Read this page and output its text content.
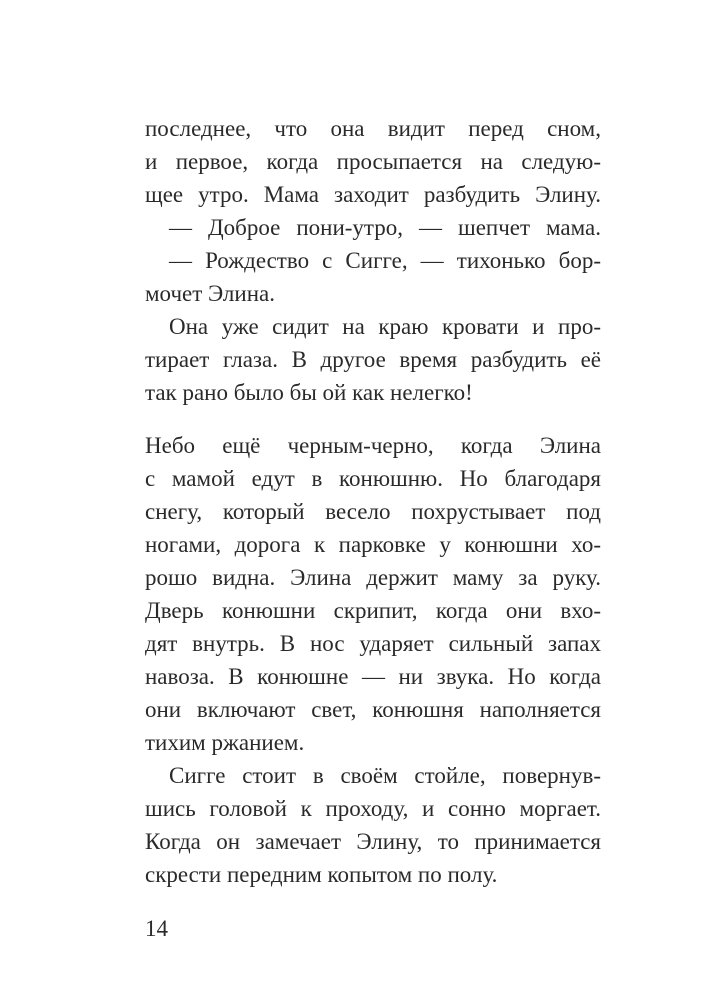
последнее, что она видит перед сном,
и первое, когда просыпается на следую-
щее утро. Мама заходит разбудить Элину.
— Доброе пони-утро, — шепчет мама.
— Рождество с Сигге, — тихонько бор-
мочет Элина.
Она уже сидит на краю кровати и про-
тирает глаза. В другое время разбудить её
так рано было бы ой как нелегко!
Небо ещё черным-черно, когда Элина
с мамой едут в конюшню. Но благодаря
снегу, который весело похрустывает под
ногами, дорога к парковке у конюшни хо-
рошо видна. Элина держит маму за руку.
Дверь конюшни скрипит, когда они вхо-
дят внутрь. В нос ударяет сильный запах
навоза. В конюшне — ни звука. Но когда
они включают свет, конюшня наполняется
тихим ржанием.
Сигге стоит в своём стойле, повернув-
шись головой к проходу, и сонно моргает.
Когда он замечает Элину, то принимается
скрести передним копытом по полу.
14
